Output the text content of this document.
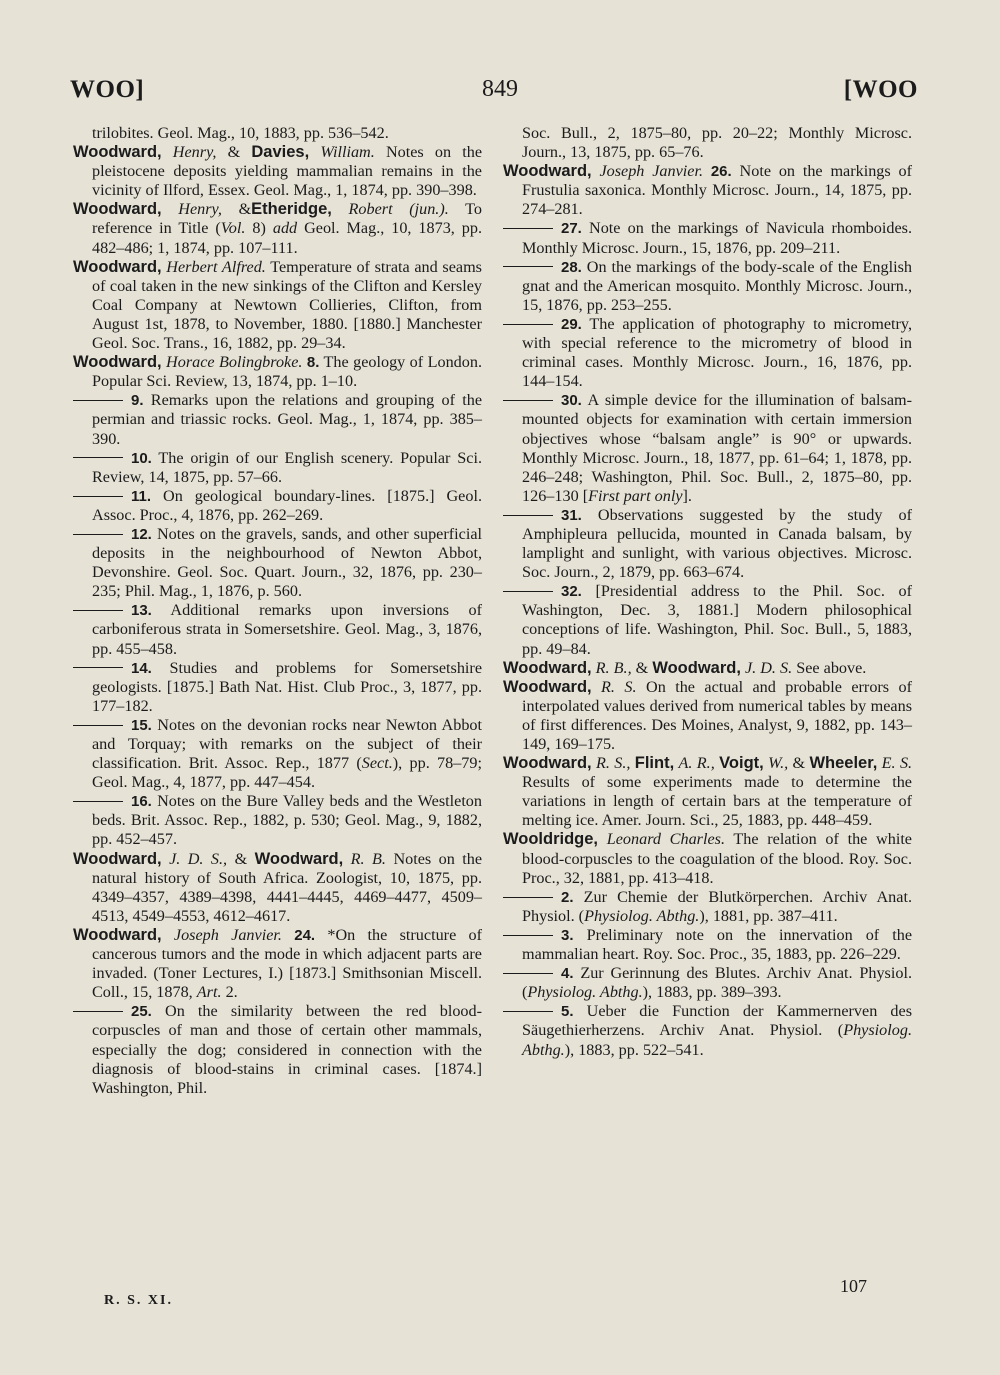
WOO]	849	[WOO

trilobites. Geol. Mag., 10, 1883, pp. 536–542.

Woodward, Henry, & Davies, William. Notes on the pleistocene deposits yielding mammalian remains in the vicinity of Ilford, Essex. Geol. Mag., 1, 1874, pp. 390–398.

Woodward, Henry, &Etheridge, Robert (jun.). To reference in Title (Vol. 8) add Geol. Mag., 10, 1873, pp. 482–486; 1, 1874, pp. 107–111.

Woodward, Herbert Alfred. Temperature of strata and seams of coal taken in the new sinkings of the Clifton and Kersley Coal Company at Newtown Collieries, Clifton, from August 1st, 1878, to November, 1880. [1880.] Manchester Geol. Soc. Trans., 16, 1882, pp. 29–34.

Woodward, Horace Bolingbroke. 8. The geology of London. Popular Sci. Review, 13, 1874, pp. 1–10.

9. Remarks upon the relations and grouping of the permian and triassic rocks. Geol. Mag., 1, 1874, pp. 385–390.

10. The origin of our English scenery. Popular Sci. Review, 14, 1875, pp. 57–66.

11. On geological boundary-lines. [1875.] Geol. Assoc. Proc., 4, 1876, pp. 262–269.

12. Notes on the gravels, sands, and other superficial deposits in the neighbourhood of Newton Abbot, Devonshire. Geol. Soc. Quart. Journ., 32, 1876, pp. 230–235; Phil. Mag., 1, 1876, p. 560.

13. Additional remarks upon inversions of carboniferous strata in Somersetshire. Geol. Mag., 3, 1876, pp. 455–458.

14. Studies and problems for Somersetshire geologists. [1875.] Bath Nat. Hist. Club Proc., 3, 1877, pp. 177–182.

15. Notes on the devonian rocks near Newton Abbot and Torquay; with remarks on the subject of their classification. Brit. Assoc. Rep., 1877 (Sect.), pp. 78–79; Geol. Mag., 4, 1877, pp. 447–454.

16. Notes on the Bure Valley beds and the Westleton beds. Brit. Assoc. Rep., 1882, p. 530; Geol. Mag., 9, 1882, pp. 452–457.

Woodward, J. D. S., & Woodward, R. B. Notes on the natural history of South Africa. Zoologist, 10, 1875, pp. 4349–4357, 4389–4398, 4441–4445, 4469–4477, 4509–4513, 4549–4553, 4612–4617.

Woodward, Joseph Janvier. 24. *On the structure of cancerous tumors and the mode in which adjacent parts are invaded. (Toner Lectures, I.) [1873.] Smithsonian Miscell. Coll., 15, 1878, Art. 2.

25. On the similarity between the red blood-corpuscles of man and those of certain other mammals, especially the dog; considered in connection with the diagnosis of blood-stains in criminal cases. [1874.] Washington, Phil.

Soc. Bull., 2, 1875–80, pp. 20–22; Monthly Microsc. Journ., 13, 1875, pp. 65–76.

Woodward, Joseph Janvier. 26. Note on the markings of Frustulia saxonica. Monthly Microsc. Journ., 14, 1875, pp. 274–281.

27. Note on the markings of Navicula rhomboides. Monthly Microsc. Journ., 15, 1876, pp. 209–211.

28. On the markings of the body-scale of the English gnat and the American mosquito. Monthly Microsc. Journ., 15, 1876, pp. 253–255.

29. The application of photography to micrometry, with special reference to the micrometry of blood in criminal cases. Monthly Microsc. Journ., 16, 1876, pp. 144–154.

30. A simple device for the illumination of balsam-mounted objects for examination with certain immersion objectives whose “balsam angle” is 90° or upwards. Monthly Microsc. Journ., 18, 1877, pp. 61–64; 1, 1878, pp. 246–248; Washington, Phil. Soc. Bull., 2, 1875–80, pp. 126–130 [First part only].

31. Observations suggested by the study of Amphipleura pellucida, mounted in Canada balsam, by lamplight and sunlight, with various objectives. Microsc. Soc. Journ., 2, 1879, pp. 663–674.

32. [Presidential address to the Phil. Soc. of Washington, Dec. 3, 1881.] Modern philosophical conceptions of life. Washington, Phil. Soc. Bull., 5, 1883, pp. 49–84.

Woodward, R. B., & Woodward, J. D. S. See above.

Woodward, R. S. On the actual and probable errors of interpolated values derived from numerical tables by means of first differences. Des Moines, Analyst, 9, 1882, pp. 143–149, 169–175.

Woodward, R. S., Flint, A. R., Voigt, W., & Wheeler, E. S. Results of some experiments made to determine the variations in length of certain bars at the temperature of melting ice. Amer. Journ. Sci., 25, 1883, pp. 448–459.

Wooldridge, Leonard Charles. The relation of the white blood-corpuscles to the coagulation of the blood. Roy. Soc. Proc., 32, 1881, pp. 413–418.

2. Zur Chemie der Blutkörperchen. Archiv Anat. Physiol. (Physiolog. Abthg.), 1881, pp. 387–411.

3. Preliminary note on the innervation of the mammalian heart. Roy. Soc. Proc., 35, 1883, pp. 226–229.

4. Zur Gerinnung des Blutes. Archiv Anat. Physiol. (Physiolog. Abthg.), 1883, pp. 389–393.

5. Ueber die Function der Kammernerven des Säugethierherzens. Archiv Anat. Physiol. (Physiolog. Abthg.), 1883, pp. 522–541.

R. S. XI.
107
